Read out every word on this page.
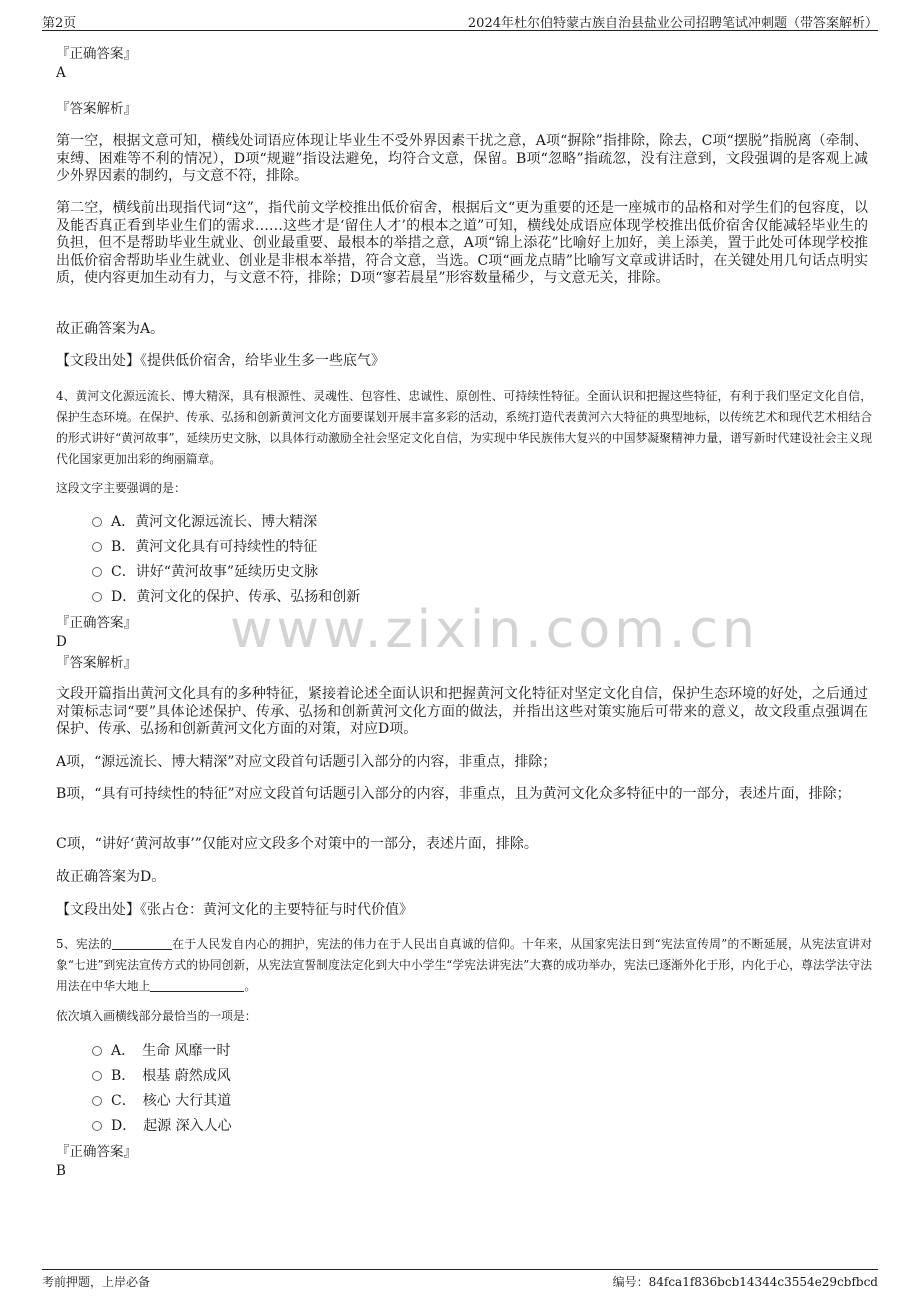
第2页	2024年杜尔伯特蒙古族自治县盐业公司招聘笔试冲刺题（带答案解析）
『正确答案』
A
『答案解析』
第一空，根据文意可知，横线处词语应体现让毕业生不受外界因素干扰之意，A项“摒除”指排除，除去，C项“摆脱”指脱离（牵制、束缚、困难等不利的情况），D项“规避”指设法避免，均符合文意，保留。B项“忽略”指疏忽，没有注意到，文段强调的是客观上减少外界因素的制约，与文意不符，排除。
第二空，横线前出现指代词“这”，指代前文学校推出低价宿舍，根据后文“更为重要的还是一座城市的品格和对学生们的包容度，以及能否真正看到毕业生们的需求……这些才是‘留住人才’的根本之道”可知，横线处成语应体现学校推出低价宿舍仅能减轻毕业生的负担，但不是帮助毕业生就业、创业最重要、最根本的举措之意，A项“锦上添花”比喻好上加好，美上添美，置于此处可体现学校推出低价宿舍帮助毕业生就业、创业是非根本举措，符合文意，当选。C项“画龙点睛”比喻写文章或讲话时，在关键处用几句话点明实质，使内容更加生动有力，与文意不符，排除；D项“寥若晨星”形容数量稀少，与文意无关，排除。
故正确答案为A。
【文段出处】《提供低价宿舍，给毕业生多一些底气》
4、黄河文化源远流长、博大精深，具有根源性、灵魂性、包容性、忠诚性、原创性、可持续性特征。全面认识和把握这些特征，有利于我们坚定文化自信，保护生态环境。在保护、传承、弘扬和创新黄河文化方面要谋划开展丰富多彩的活动，系统打造代表黄河六大特征的典型地标，以传统艺术和现代艺术相结合的形式讲好“黄河故事”，延续历史文脉，以具体行动激励全社会坚定文化自信，为实现中华民族伟大复兴的中国梦凝聚精神力量，谱写新时代建设社会主义现代化国家更加出彩的绚丽篇章。
这段文字主要强调的是：
A．黄河文化源远流长、博大精深
B．黄河文化具有可持续性的特征
C．讲好“黄河故事”延续历史文脉
D．黄河文化的保护、传承、弘扬和创新
『正确答案』
D
『答案解析』
文段开篇指出黄河文化具有的多种特征，紧接着论述全面认识和把握黄河文化特征对坚定文化自信，保护生态环境的好处，之后通过对策标志词“要”具体论述保护、传承、弘扬和创新黄河文化方面的做法，并指出这些对策实施后可带来的意义，故文段重点强调在保护、传承、弘扬和创新黄河文化方面的对策，对应D项。
A项，“源远流长、博大精深”对应文段首句话题引入部分的内容，非重点，排除；
B项，“具有可持续性的特征”对应文段首句话题引入部分的内容，非重点，且为黄河文化众多特征中的一部分，表述片面，排除；
C项，“讲好‘黄河故事’”仅能对应文段多个对策中的一部分，表述片面，排除。
故正确答案为D。
【文段出处】《张占仓：黄河文化的主要特征与时代价值》
5、宪法的	在于人民发自内心的拥护，宪法的伟力在于人民出自真诚的信仰。十年来，从国家宪法日到“宪法宣传周”的不断延展，从宪法宣讲对象“七进”到宪法宣传方式的协同创新，从宪法宣誓制度法定化到大中小学生“学宪法讲宪法”大赛的成功举办，宪法已逐渐外化于形，内化于心，尊法学法守法用法在中华大地上	。
依次填入画横线部分最恰当的一项是：
A．　生命 风靡一时
B．　根基 蔚然成风
C．　核心 大行其道
D．　起源 深入人心
『正确答案』
B
www.zixin.com.cn
考前押题，上岸必备	编号：84fca1f836bcb14344c3554e29cbfbcd
